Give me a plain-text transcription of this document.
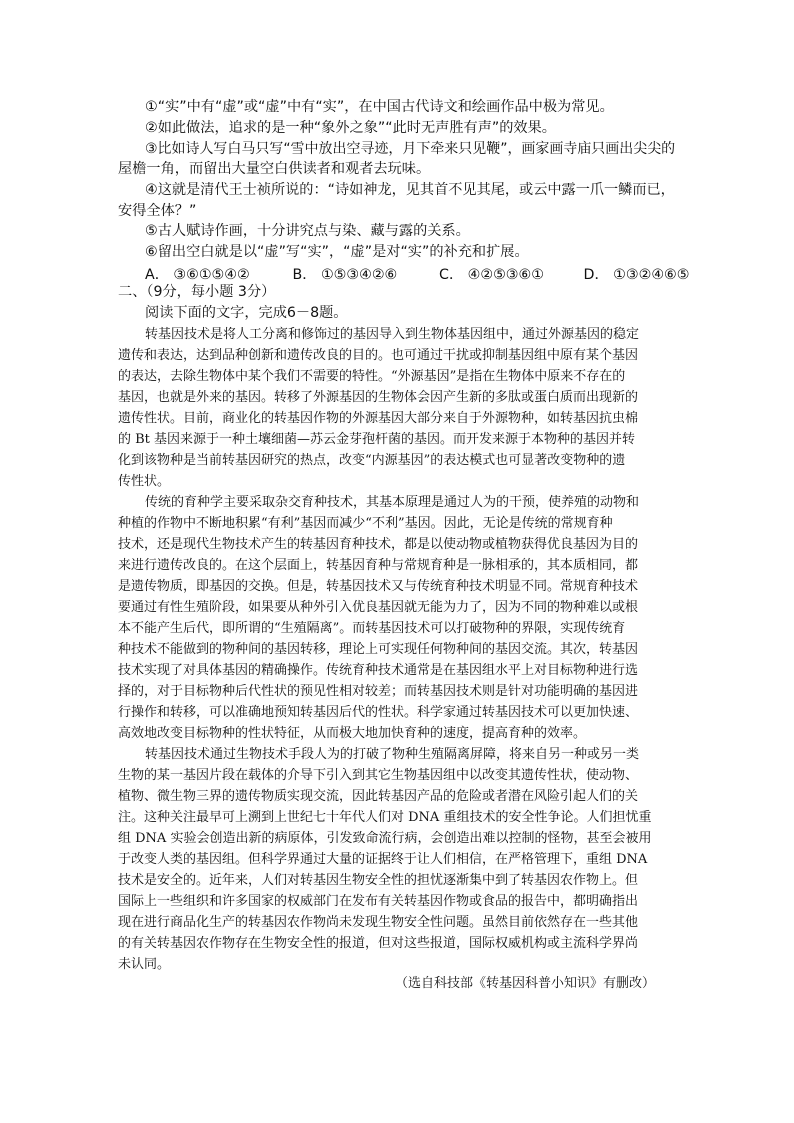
①“实”中有“虚”或“虚”中有“实”，在中国古代诗文和绘画作品中极为常见。
②如此做法，追求的是一种“象外之象”“此时无声胜有声”的效果。
③比如诗人写白马只写“雪中放出空寻迹，月下牵来只见鞭”，画家画寺庙只画出尖尖的
屋檐一角，而留出大量空白供读者和观者去玩味。
④这就是清代王士祯所说的：“诗如神龙，见其首不见其尾，或云中露一爪一鳞而已，
安得全体？”
⑤古人赋诗作画，十分讲究点与染、藏与露的关系。
⑥留出空白就是以“虚”写“实”，“虚”是对“实”的补充和扩展。
A． ③⑥①⑤④②	B． ①⑤③④②⑥	C． ④②⑤③⑥①	D． ①③②④⑥⑤
二、（9分，每小题 3分）
阅读下面的文字，完成6－8题。
转基因技术是将人工分离和修饰过的基因导入到生物体基因组中，通过外源基因的稳定
遗传和表达，达到品种创新和遗传改良的目的。也可通过干扰或抑制基因组中原有某个基因
的表达，去除生物体中某个我们不需要的特性。“外源基因”是指在生物体中原来不存在的
基因，也就是外来的基因。转移了外源基因的生物体会因产生新的多肽或蛋白质而出现新的
遗传性状。目前，商业化的转基因作物的外源基因大部分来自于外源物种，如转基因抗虫棉
的 Bt 基因来源于一种土壤细菌—苏云金芽孢杆菌的基因。而开发来源于本物种的基因并转
化到该物种是当前转基因研究的热点，改变“内源基因”的表达模式也可显著改变物种的遗
传性状。
传统的育种学主要采取杂交育种技术，其基本原理是通过人为的干预，使养殖的动物和
种植的作物中不断地积累“有利”基因而减少“不利”基因。因此，无论是传统的常规育种
技术，还是现代生物技术产生的转基因育种技术，都是以使动物或植物获得优良基因为目的
来进行遗传改良的。在这个层面上，转基因育种与常规育种是一脉相承的，其本质相同，都
是遗传物质，即基因的交换。但是，转基因技术又与传统育种技术明显不同。常规育种技术
要通过有性生殖阶段，如果要从种外引入优良基因就无能为力了，因为不同的物种难以或根
本不能产生后代，即所谓的“生殖隔离”。而转基因技术可以打破物种的界限，实现传统育
种技术不能做到的物种间的基因转移，理论上可实现任何物种间的基因交流。其次，转基因
技术实现了对具体基因的精确操作。传统育种技术通常是在基因组水平上对目标物种进行选
择的，对于目标物种后代性状的预见性相对较差；而转基因技术则是针对功能明确的基因进
行操作和转移，可以准确地预知转基因后代的性状。科学家通过转基因技术可以更加快速、
高效地改变目标物种的性状特征，从而极大地加快育种的速度，提高育种的效率。
转基因技术通过生物技术手段人为的打破了物种生殖隔离屏障，将来自另一种或另一类
生物的某一基因片段在载体的介导下引入到其它生物基因组中以改变其遗传性状，使动物、
植物、微生物三界的遗传物质实现交流，因此转基因产品的危险或者潜在风险引起人们的关
注。这种关注最早可上溯到上世纪七十年代人们对 DNA 重组技术的安全性争论。人们担忧重
组 DNA 实验会创造出新的病原体，引发致命流行病，会创造出难以控制的怪物，甚至会被用
于改变人类的基因组。但科学界通过大量的证据终于让人们相信，在严格管理下，重组 DNA
技术是安全的。近年来，人们对转基因生物安全性的担忧逐渐集中到了转基因农作物上。但
国际上一些组织和许多国家的权威部门在发布有关转基因作物或食品的报告中，都明确指出
现在进行商品化生产的转基因农作物尚未发现生物安全性问题。虽然目前依然存在一些其他
的有关转基因农作物存在生物安全性的报道，但对这些报道，国际权威机构或主流科学界尚
未认同。
（选自科技部《转基因科普小知识》有删改）
